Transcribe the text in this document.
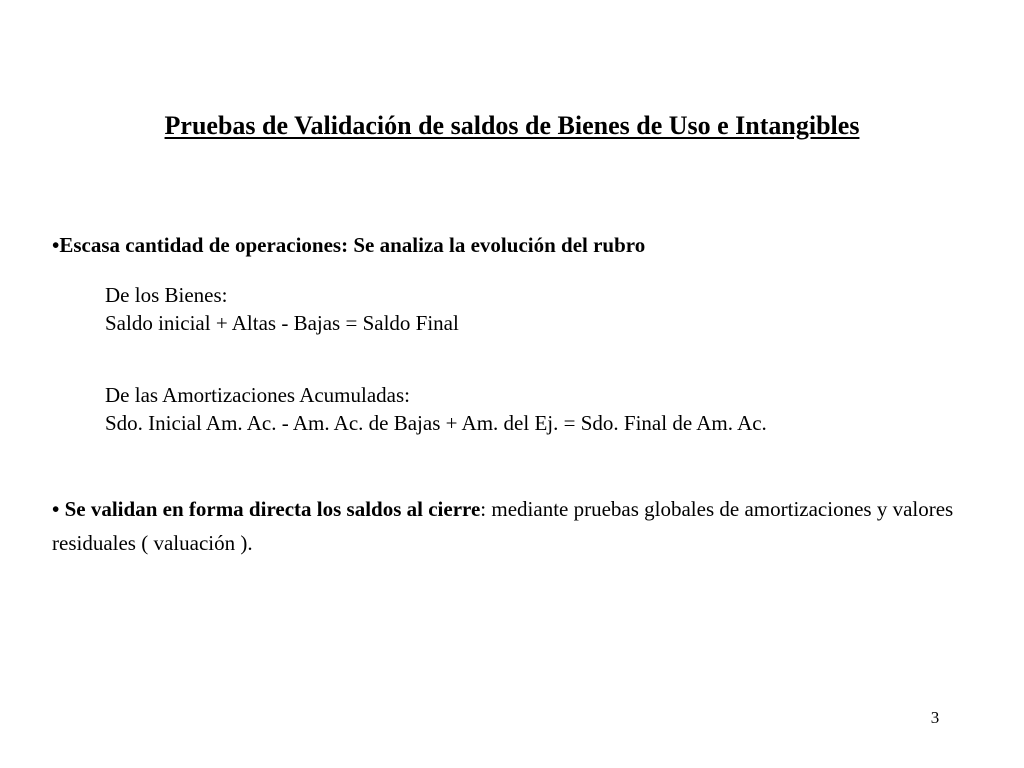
Pruebas de Validación de saldos de Bienes de Uso e Intangibles

•Escasa cantidad de operaciones: Se analiza la evolución del rubro

De los Bienes:
Saldo inicial + Altas - Bajas = Saldo Final
De las Amortizaciones Acumuladas:
Sdo. Inicial Am. Ac. - Am. Ac. de Bajas + Am. del Ej. = Sdo. Final de Am. Ac.

• Se validan en forma directa los saldos al cierre: mediante pruebas globales de amortizaciones y valores residuales ( valuación ).

3
